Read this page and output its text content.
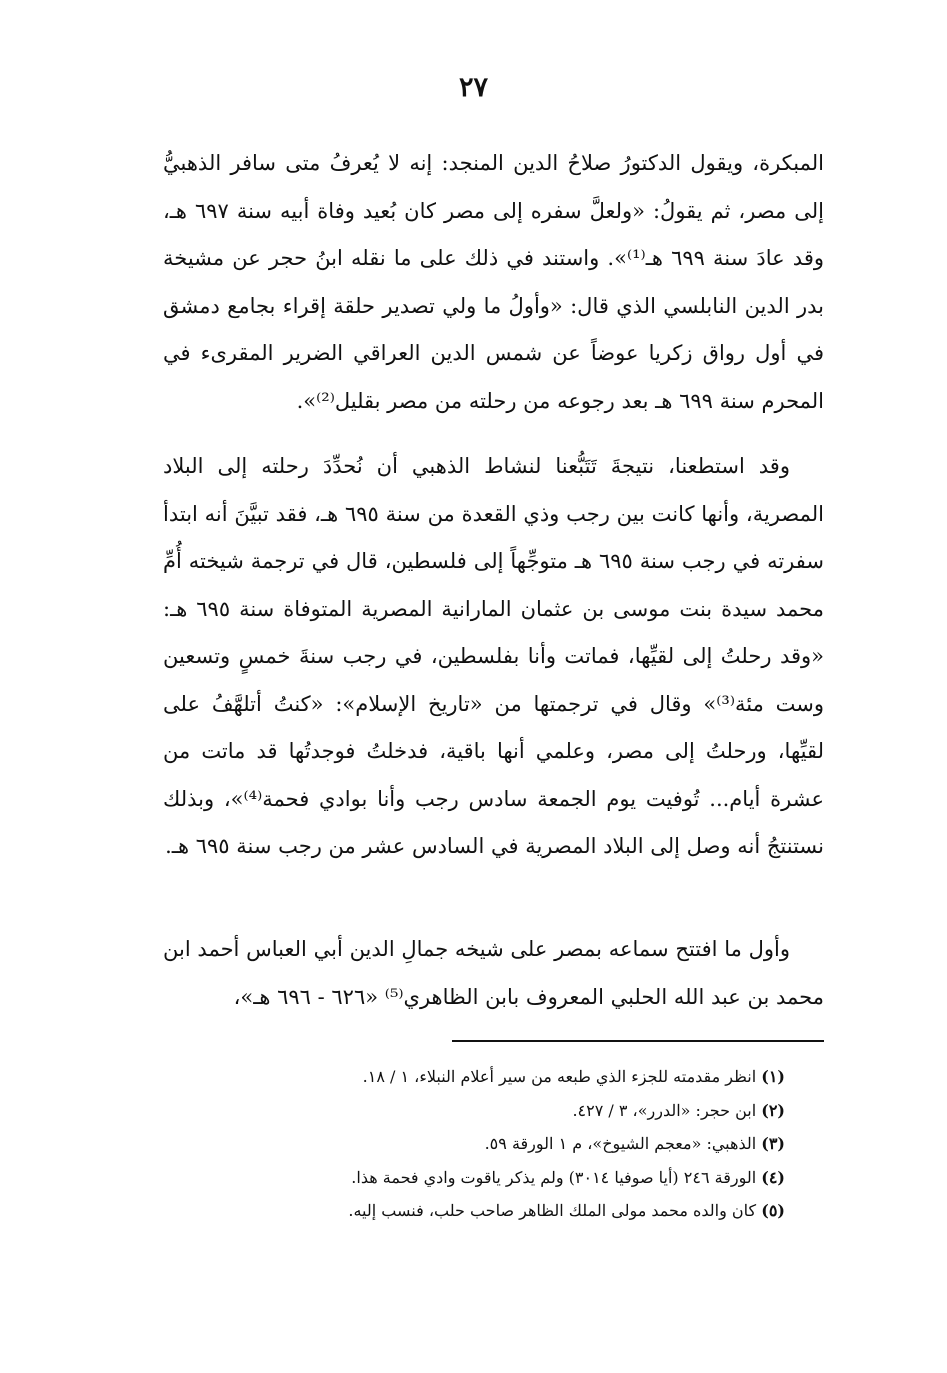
٢٧

المبكرة، ويقول الدكتورُ صلاحُ الدين المنجد: إنه لا يُعرفُ متى سافر الذهبيُّ إلى مصر، ثم يقولُ: «ولعلَّ سفره إلى مصر كان بُعيد وفاة أبيه سنة ٦٩٧ هـ، وقد عادَ سنة ٦٩٩ هـ⁽¹⁾». واستند في ذلك على ما نقله ابنُ حجر عن مشيخة بدر الدين النابلسي الذي قال: «وأولُ ما ولي تصدير حلقة إقراء بجامع دمشق في أول رواق زكريا عوضاً عن شمس الدين العراقي الضرير المقرىء في المحرم سنة ٦٩٩ هـ بعد رجوعه من رحلته من مصر بقليل⁽²⁾».

وقد استطعنا، نتيجةَ تَتَبُّعنا لنشاط الذهبي أن نُحدِّدَ رحلته إلى البلاد المصرية، وأنها كانت بين رجب وذي القعدة من سنة ٦٩٥ هـ، فقد تبيَّنَ أنه ابتدأ سفرته في رجب سنة ٦٩٥ هـ متوجِّهاً إلى فلسطين، قال في ترجمة شيخته أُمِّ محمد سيدة بنت موسى بن عثمان المارانية المصرية المتوفاة سنة ٦٩٥ هـ: «وقد رحلتُ إلى لقيِّها، فماتت وأنا بفلسطين، في رجب سنةَ خمسٍ وتسعين وست مئة⁽³⁾» وقال في ترجمتها من «تاريخ الإسلام»: «كنتُ أتلهَّفُ على لقيِّها، ورحلتُ إلى مصر، وعلمي أنها باقية، فدخلتُ فوجدتُها قد ماتت من عشرة أيام... تُوفيت يوم الجمعة سادس رجب وأنا بوادي فحمة⁽⁴⁾»، وبذلك نستنتجُ أنه وصل إلى البلاد المصرية في السادس عشر من رجب سنة ٦٩٥ هـ.

وأول ما افتتح سماعه بمصر على شيخه جمالِ الدين أبي العباس أحمد ابن محمد بن عبد الله الحلبي المعروف بابن الظاهري⁽⁵⁾ «٦٢٦ - ٦٩٦ هـ»،

(١) انظر مقدمته للجزء الذي طبعه من سير أعلام النبلاء، ١ / ١٨.
(٢) ابن حجر: «الدرر»، ٣ / ٤٢٧.
(٣) الذهبي: «معجم الشيوخ»، م ١ الورقة ٥٩.
(٤) الورقة ٢٤٦ (أيا صوفيا ٣٠١٤) ولم يذكر ياقوت وادي فحمة هذا.
(٥) كان والده محمد مولى الملك الظاهر صاحب حلب، فنسب إليه.
